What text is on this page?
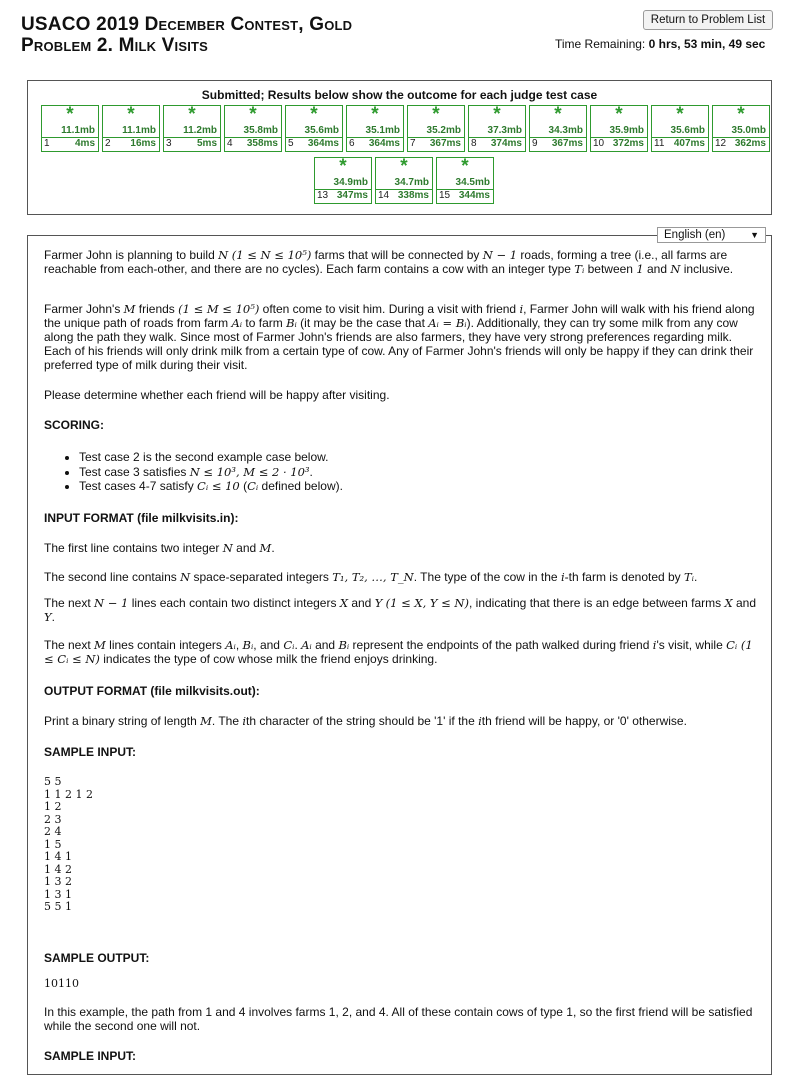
USACO 2019 December Contest, Gold
Problem 2. Milk Visits
Return to Problem List
Time Remaining: 0 hrs, 53 min, 49 sec
Submitted; Results below show the outcome for each judge test case
*
11.1mb
1	4ms
*
11.1mb
2 16ms
*
11.2mb
3	5ms
*
35.8mb
4 358ms
*
35.6mb
5 364ms
*
35.1mb
6 364ms
*
35.2mb
7 367ms
*
37.3mb
8 374ms
*
34.3mb
9 367ms
*
35.9mb
10 372ms
*
35.6mb
11 407ms
*
35.0mb
12 362ms
*
34.9mb
13 347ms
*
34.7mb
14 338ms
*
34.5mb
15 344ms
English (en)	▼
Farmer John is planning to build N (1 ≤ N ≤ 10⁵) farms that will be connected by N − 1 roads, forming a tree (i.e., all farms are reachable from each-other, and there are no cycles). Each farm contains a cow with an integer type Tᵢ between 1 and N inclusive.
Farmer John's M friends (1 ≤ M ≤ 10⁵) often come to visit him. During a visit with friend i, Farmer John will walk with his friend along the unique path of roads from farm Aᵢ to farm Bᵢ (it may be the case that Aᵢ = Bᵢ). Additionally, they can try some milk from any cow along the path they walk. Since most of Farmer John's friends are also farmers, they have very strong preferences regarding milk. Each of his friends will only drink milk from a certain type of cow. Any of Farmer John's friends will only be happy if they can drink their preferred type of milk during their visit.
Please determine whether each friend will be happy after visiting.
SCORING:
• Test case 2 is the second example case below.
• Test case 3 satisfies N ≤ 10³, M ≤ 2 · 10³.
• Test cases 4-7 satisfy Cᵢ ≤ 10 (Cᵢ defined below).
INPUT FORMAT (file milkvisits.in):
The first line contains two integer N and M.
The second line contains N space-separated integers T₁, T₂, …, T_N. The type of the cow in the i-th farm is denoted by Tᵢ.
The next N − 1 lines each contain two distinct integers X and Y (1 ≤ X, Y ≤ N), indicating that there is an edge between farms X and Y.
The next M lines contain integers Aᵢ, Bᵢ, and Cᵢ. Aᵢ and Bᵢ represent the endpoints of the path walked during friend i's visit, while Cᵢ (1 ≤ Cᵢ ≤ N) indicates the type of cow whose milk the friend enjoys drinking.
OUTPUT FORMAT (file milkvisits.out):
Print a binary string of length M. The ith character of the string should be '1' if the ith friend will be happy, or '0' otherwise.
SAMPLE INPUT:
5 5
1 1 2 1 2
1 2
2 3
2 4
1 5
1 4 1
1 4 2
1 3 2
1 3 1
5 5 1
SAMPLE OUTPUT:
10110
In this example, the path from 1 and 4 involves farms 1, 2, and 4. All of these contain cows of type 1, so the first friend will be satisfied while the second one will not.
SAMPLE INPUT:
